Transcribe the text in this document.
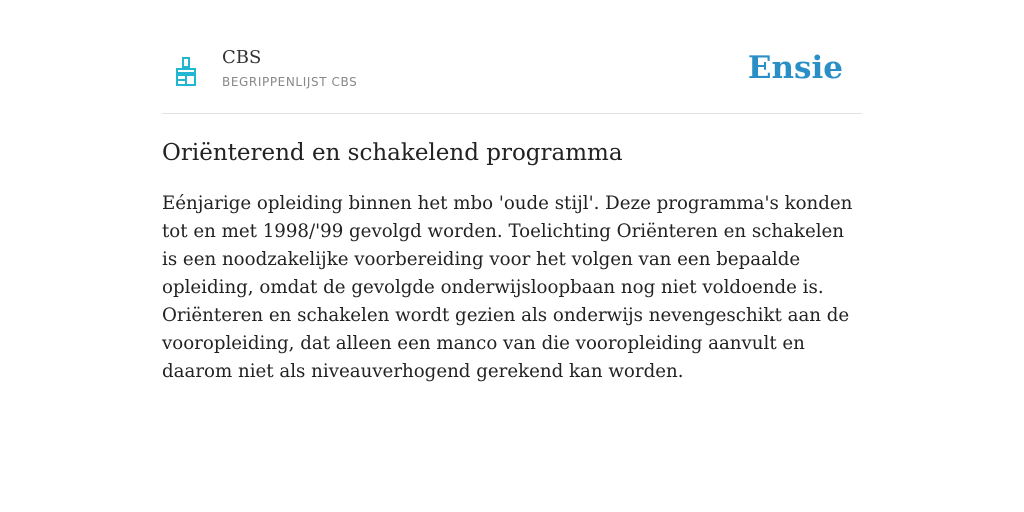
CBS
BEGRIPPENLIJST CBS	Ensie
Oriënterend en schakelend programma

Eénjarige opleiding binnen het mbo 'oude stijl'. Deze programma's konden tot en met 1998/'99 gevolgd worden. Toelichting Oriënteren en schakelen is een noodzakelijke voorbereiding voor het volgen van een bepaalde opleiding, omdat de gevolgde onderwijsloopbaan nog niet voldoende is. Oriënteren en schakelen wordt gezien als onderwijs nevengeschikt aan de vooropleiding, dat alleen een manco van die vooropleiding aanvult en daarom niet als niveauverhogend gerekend kan worden.
